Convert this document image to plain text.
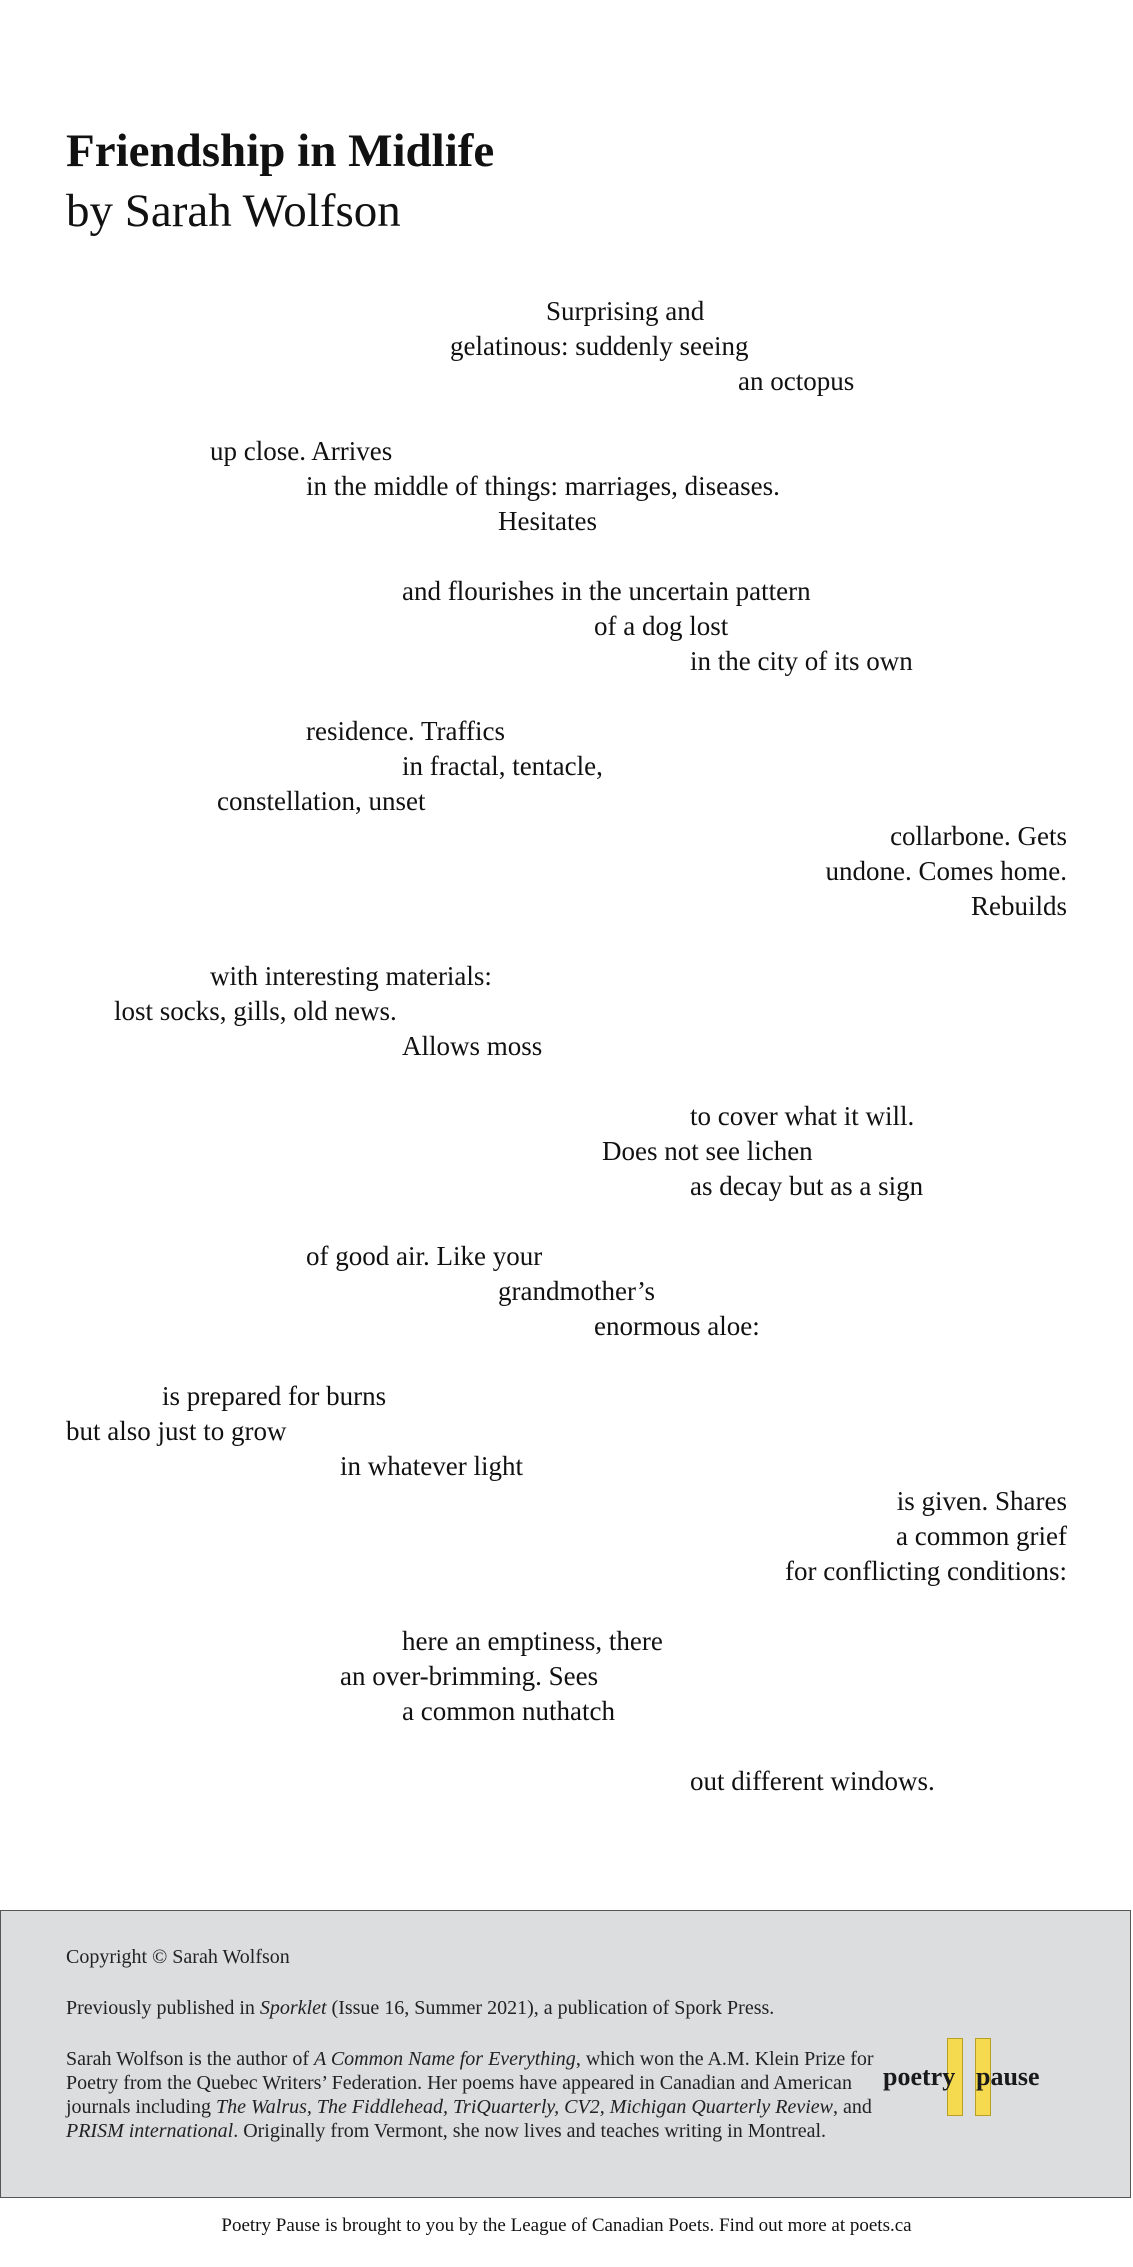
Friendship in Midlife
by Sarah Wolfson
Surprising and
gelatinous: suddenly seeing
an octopus
up close. Arrives
in the middle of things: marriages, diseases.
Hesitates
and flourishes in the uncertain pattern
of a dog lost
in the city of its own
residence. Traffics
in fractal, tentacle,
constellation, unset
collarbone. Gets
undone. Comes home.
Rebuilds
with interesting materials:
lost socks, gills, old news.
Allows moss
to cover what it will.
Does not see lichen
as decay but as a sign
of good air. Like your
grandmother’s
enormous aloe:
is prepared for burns
but also just to grow
in whatever light
is given. Shares
a common grief
for conflicting conditions:
here an emptiness, there
an over-brimming. Sees
a common nuthatch
out different windows.
Copyright © Sarah Wolfson
Previously published in Sporklet (Issue 16, Summer 2021), a publication of Spork Press.
Sarah Wolfson is the author of A Common Name for Everything, which won the A.M. Klein Prize for Poetry from the Quebec Writers’ Federation. Her poems have appeared in Canadian and American journals including The Walrus, The Fiddlehead, TriQuarterly, CV2, Michigan Quarterly Review, and PRISM international. Originally from Vermont, she now lives and teaches writing in Montreal.
poetry pause
Poetry Pause is brought to you by the League of Canadian Poets. Find out more at poets.ca
